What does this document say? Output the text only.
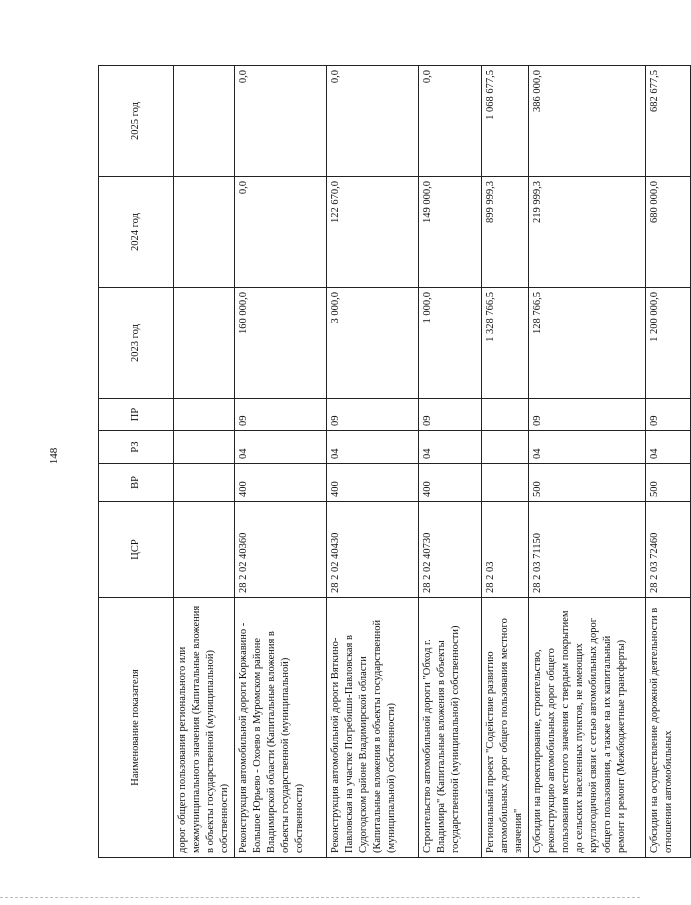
148
Наименование показателя	ЦСР	ВР	РЗ	ПР	2023 год	2024 год	2025 год
дорог общего пользования регионального или межмуниципального значения (Капитальные вложения в объекты государственной (муниципальной) собственности)							
Реконструкция автомобильной дороги Коржавино - Большое Юрьево - Охоево в Муромском районе Владимирской области (Капитальные вложения в объекты государственной (муниципальной) собственности)	28 2 02 40360	400	04	09	160 000,0	0,0	0,0
Реконструкция автомобильной дороги Вяткино-Павловская на участке Погребиши-Павловская в Судогодском районе Владимирской области (Капитальные вложения в объекты государственной (муниципальной) собственности)	28 2 02 40430	400	04	09	3 000,0	122 670,0	0,0
Строительство автомобильной дороги "Обход г. Владимира" (Капитальные вложения в объекты государственной (муниципальной) собственности)	28 2 02 40730	400	04	09	1 000,0	149 000,0	0,0
Региональный проект "Содействие развитию автомобильных дорог общего пользования местного значения"	28 2 03				1 328 766,5	899 999,3	1 068 677,5
Субсидии на проектирование, строительство, реконструкцию автомобильных дорог общего пользования местного значения с твердым покрытием до сельских населенных пунктов, не имеющих круглогодичной связи с сетью автомобильных дорог общего пользования, а также на их капитальный ремонт и ремонт (Межбюджетные трансферты)	28 2 03 71150	500	04	09	128 766,5	219 999,3	386 000,0
Субсидии на осуществление дорожной деятельности в отношении автомобильных	28 2 03 72460	500	04	09	1 200 000,0	680 000,0	682 677,5
